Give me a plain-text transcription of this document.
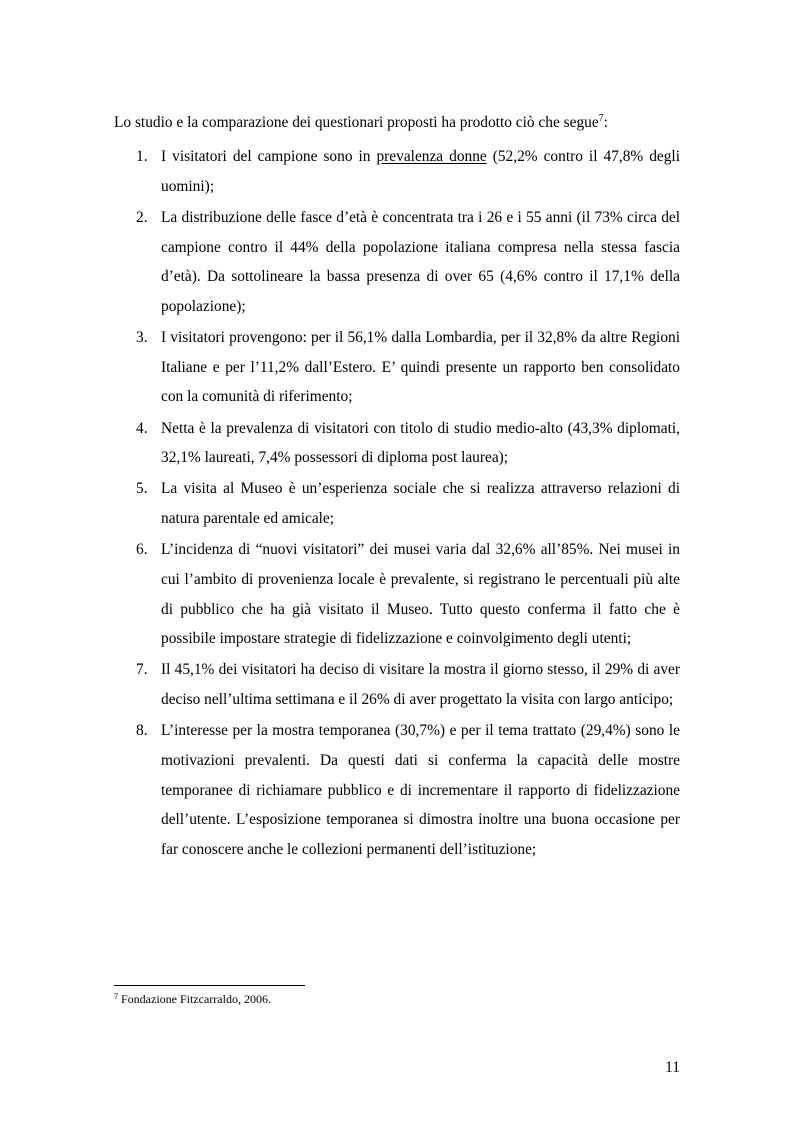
Lo studio e la comparazione dei questionari proposti ha prodotto ciò che segue$^7$:

1. I visitatori del campione sono in prevalenza donne (52,2% contro il 47,8% degli uomini);
2. La distribuzione delle fasce d’età è concentrata tra i 26 e i 55 anni (il 73% circa del campione contro il 44% della popolazione italiana compresa nella stessa fascia d’età). Da sottolineare la bassa presenza di over 65 (4,6% contro il 17,1% della popolazione);
3. I visitatori provengono: per il 56,1% dalla Lombardia, per il 32,8% da altre Regioni Italiane e per l’11,2% dall’Estero. E’ quindi presente un rapporto ben consolidato con la comunità di riferimento;
4. Netta è la prevalenza di visitatori con titolo di studio medio-alto (43,3% diplomati, 32,1% laureati, 7,4% possessori di diploma post laurea);
5. La visita al Museo è un’esperienza sociale che si realizza attraverso relazioni di natura parentale ed amicale;
6. L’incidenza di “nuovi visitatori” dei musei varia dal 32,6% all’85%. Nei musei in cui l’ambito di provenienza locale è prevalente, si registrano le percentuali più alte di pubblico che ha già visitato il Museo. Tutto questo conferma il fatto che è possibile impostare strategie di fidelizzazione e coinvolgimento degli utenti;
7. Il 45,1% dei visitatori ha deciso di visitare la mostra il giorno stesso, il 29% di aver deciso nell’ultima settimana e il 26% di aver progettato la visita con largo anticipo;
8. L’interesse per la mostra temporanea (30,7%) e per il tema trattato (29,4%) sono le motivazioni prevalenti. Da questi dati si conferma la capacità delle mostre temporanee di richiamare pubblico e di incrementare il rapporto di fidelizzazione dell’utente. L’esposizione temporanea si dimostra inoltre una buona occasione per far conoscere anche le collezioni permanenti dell’istituzione;
$^7$ Fondazione Fitzcarraldo, 2006.
11
